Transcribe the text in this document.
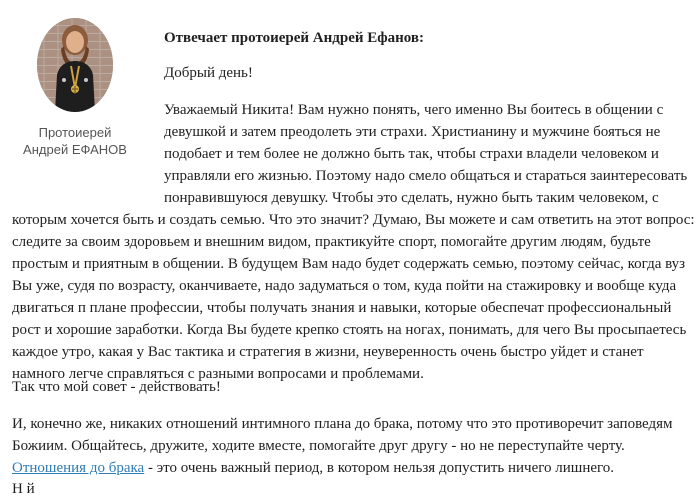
Протоиерей
Андрей ЕФАНОВ
Отвечает протоиерей Андрей Ефанов:
Добрый день!
Уважаемый Никита! Вам нужно понять, чего именно Вы боитесь в общении с девушкой и затем преодолеть эти страхи. Христианину и мужчине бояться не подобает и тем более не должно быть так, чтобы страхи владели человеком и управляли его жизнью. Поэтому надо смело общаться и стараться заинтересовать понравившуюся девушку. Чтобы это сделать, нужно быть таким человеком, с
которым хочется быть и создать семью. Что это значит? Думаю, Вы можете и сам ответить на этот вопрос: следите за своим здоровьем и внешним видом, практикуйте спорт, помогайте другим людям, будьте простым и приятным в общении. В будущем Вам надо будет содержать семью, поэтому сейчас, когда вуз Вы уже, судя по возрасту, оканчиваете, надо задуматься о том, куда пойти на стажировку и вообще куда двигаться п плане профессии, чтобы получать знания и навыки, которые обеспечат профессиональный рост и хорошие заработки. Когда Вы будете крепко стоять на ногах, понимать, для чего Вы просыпаетесь каждое утро, какая у Вас тактика и стратегия в жизни, неуверенность очень быстро уйдет и станет намного легче справляться с разными вопросами и проблемами.
Так что мой совет - действовать!
И, конечно же, никаких отношений интимного плана до брака, потому что это противоречит заповедям Божиим. Общайтесь, дружите, ходите вместе, помогайте друг другу - но не переступайте черту. Отношения до брака - это очень важный период, в котором нельзя допустить ничего лишнего.
Н й
